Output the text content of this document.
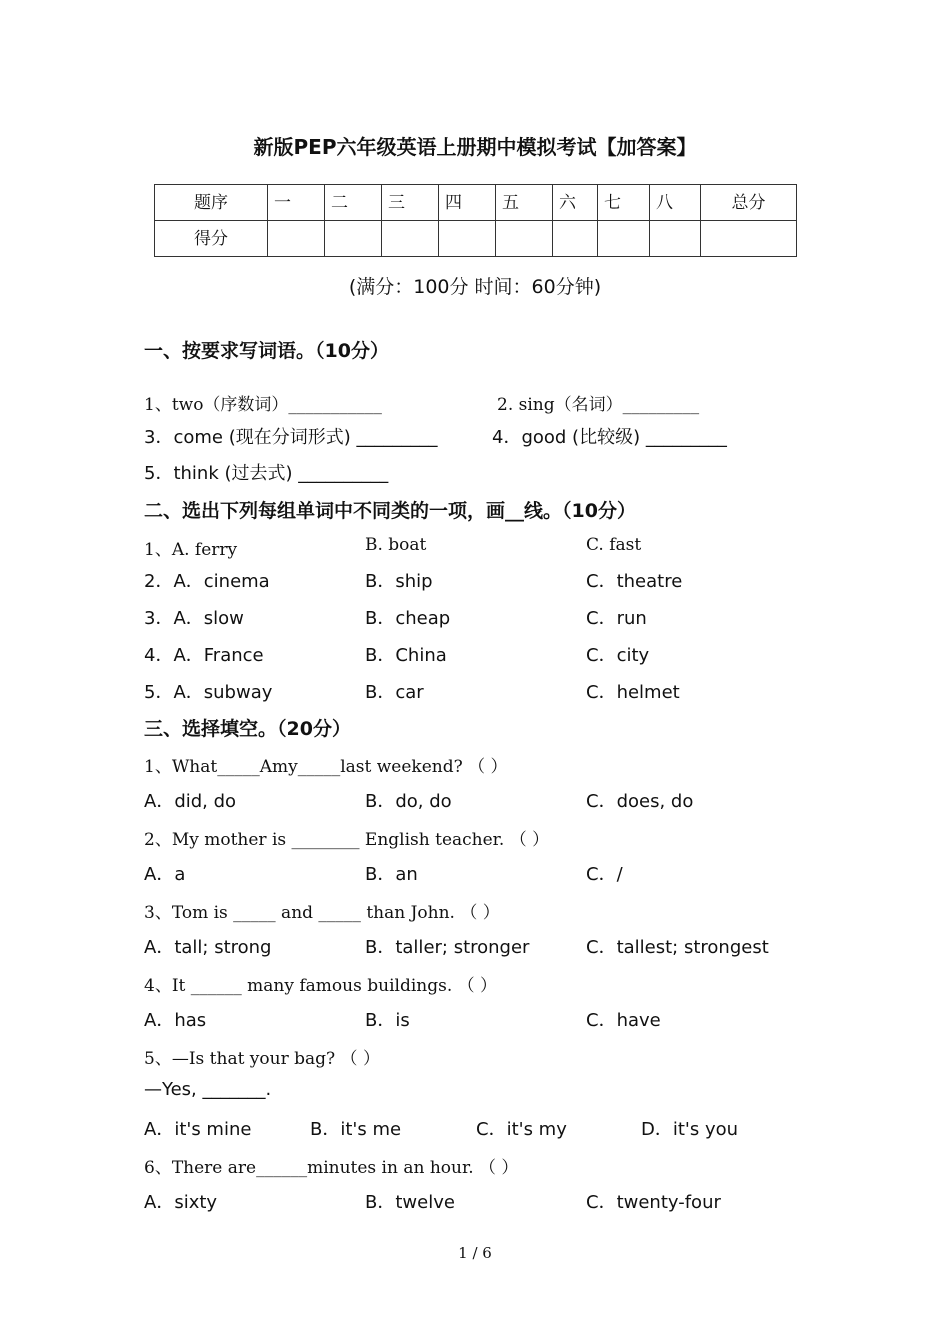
新版PEP六年级英语上册期中模拟考试【加答案】
题序	一	二	三	四	五	六	七	八	总分
得分									
(满分：100分 时间：60分钟)
一、按要求写词语。（10分）
1、two（序数词）___________	2. sing（名词）_________
3．come (现在分词形式) _________	4．good (比较级) _________
5．think (过去式) __________
二、选出下列每组单词中不同类的一项，画__线。（10分）
1、A. ferry	B. boat	C. fast
2．A．cinema	B．ship	C．theatre
3．A．slow	B．cheap	C．run
4．A．France	B．China	C．city
5．A．subway	B．car	C．helmet
三、选择填空。（20分）
1、What_____Amy_____last weekend? （ ）
A．did, do	B．do, do	C．does, do
2、My mother is ________ English teacher. （ ）
A．a	B．an	C．/
3、Tom is _____ and _____ than John. （ ）
A．tall; strong	B．taller; stronger	C．tallest; strongest
4、It ______ many famous buildings. （ ）
A．has	B．is	C．have
5、—Is that your bag? （ ）
—Yes, _______.
A．it's mine	B．it's me	C．it's my	D．it's you
6、There are______minutes in an hour. （ ）
A．sixty	B．twelve	C．twenty-four
1 / 6
